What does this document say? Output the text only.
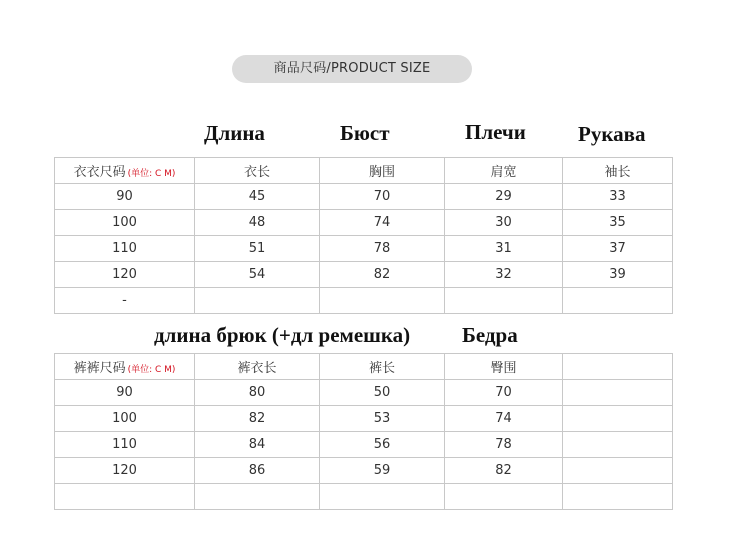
商品尺码/PRODUCT SIZE
Длина	Бюст	Плечи Рукава
衣衣尺码 (单位: C M)	衣长	胸围	肩宽	袖长
90	45	70	29	33
100	48	74	30	35
110	51	78	31	37
120	54	82	32	39
-				
длина брюк (+дл ремешка) Бедра
裤裤尺码 (单位: C M)	裤衣长	裤长	臀围	
90	80	50	70	
100	82	53	74	
110	84	56	78	
120	86	59	82	
